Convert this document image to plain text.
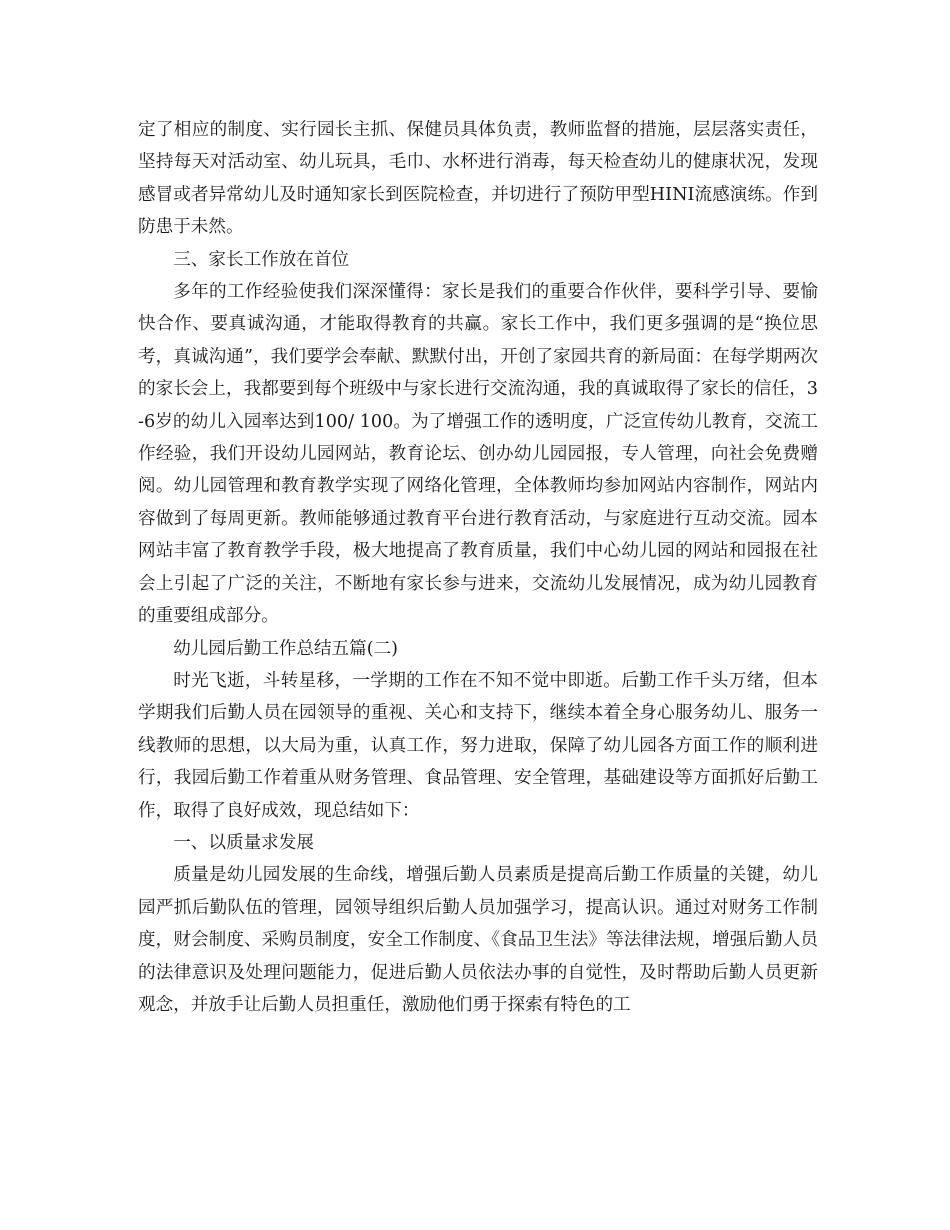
定了相应的制度、实行园长主抓、保健员具体负责，教师监督的措施，层层落实责任，坚持每天对活动室、幼儿玩具，毛巾、水杯进行消毒，每天检查幼儿的健康状况，发现感冒或者异常幼儿及时通知家长到医院检查，并切进行了预防甲型HINI流感演练。作到防患于未然。

三、家长工作放在首位

多年的工作经验使我们深深懂得：家长是我们的重要合作伙伴，要科学引导、要愉快合作、要真诚沟通，才能取得教育的共赢。家长工作中，我们更多强调的是“换位思考，真诚沟通”，我们要学会奉献、默默付出，开创了家园共育的新局面：在每学期两次的家长会上，我都要到每个班级中与家长进行交流沟通，我的真诚取得了家长的信任，3-6岁的幼儿入园率达到100/ 100。为了增强工作的透明度，广泛宣传幼儿教育，交流工作经验，我们开设幼儿园网站，教育论坛、创办幼儿园园报，专人管理，向社会免费赠阅。幼儿园管理和教育教学实现了网络化管理，全体教师均参加网站内容制作，网站内容做到了每周更新。教师能够通过教育平台进行教育活动，与家庭进行互动交流。园本网站丰富了教育教学手段，极大地提高了教育质量，我们中心幼儿园的网站和园报在社会上引起了广泛的关注，不断地有家长参与进来，交流幼儿发展情况，成为幼儿园教育的重要组成部分。

幼儿园后勤工作总结五篇(二)

时光飞逝，斗转星移，一学期的工作在不知不觉中即逝。后勤工作千头万绪，但本学期我们后勤人员在园领导的重视、关心和支持下，继续本着全身心服务幼儿、服务一线教师的思想，以大局为重，认真工作，努力进取，保障了幼儿园各方面工作的顺利进行，我园后勤工作着重从财务管理、食品管理、安全管理，基础建设等方面抓好后勤工作，取得了良好成效，现总结如下：

一、以质量求发展

质量是幼儿园发展的生命线，增强后勤人员素质是提高后勤工作质量的关键，幼儿园严抓后勤队伍的管理，园领导组织后勤人员加强学习，提高认识。通过对财务工作制度，财会制度、采购员制度，安全工作制度、《食品卫生法》等法律法规，增强后勤人员的法律意识及处理问题能力，促进后勤人员依法办事的自觉性，及时帮助后勤人员更新观念，并放手让后勤人员担重任，激励他们勇于探索有特色的工
